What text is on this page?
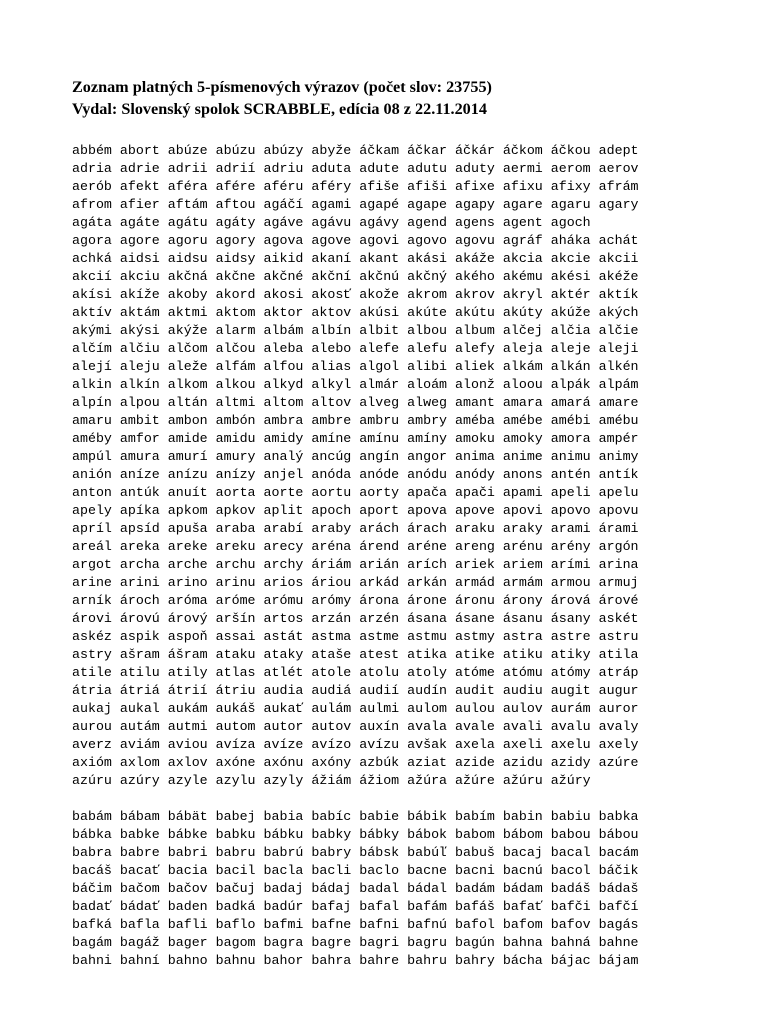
Zoznam platných 5-písmenových výrazov (počet slov: 23755)
Vydal: Slovenský spolok SCRABBLE, edícia 08 z 22.11.2014
abbém abort abúze abúzu abúzy abyže áčkam áčkar áčkár áčkom áčkou adept
adria adrie adrii adrií adriu aduta adute adutu aduty aermi aerom aerov
aerób afekt aféra afére aféru aféry afiše afiši afixe afixu afixy afrám
afrom afier aftám aftou agáčí agami agapé agape agapy agare agaru agary
agáta agáte agátu agáty agáve agávu agávy agend agens agent agoch
agora agore agoru agory agova agove agovi agovo agovu agráf aháka achát
achká aidsi aidsu aidsy aikid akaní akant akási akáže akcia akcie akcii
akcií akciu akčná akčne akčné akční akčnú akčný akého akému akési akéže
akísi akíže akoby akord akosi akosť akože akrom akrov akryl aktér aktík
aktív aktám aktmi aktom aktor aktov akúsi akúte akútu akúty akúže akých
akými akýsi akýže alarm albám albín albit albou album alčej alčia alčie
alčím alčiu alčom alčou aleba alebo alefe alefu alefy aleja aleje aleji
alejí aleju aleže alfám alfou alias algol alibi aliek alkám alkán alkén
alkin alkín alkom alkou alkyd alkyl almár aloám alonž aloou alpák alpám
alpín alpou altán altmi altom altov alveg alweg amant amara amará amare
amaru ambit ambon ambón ambra ambre ambru ambry améba amébe amébi amébu
améby amfor amide amidu amidy amíne amínu amíny amoku amoky amora ampér
ampúl amura amurí amury analý ancúg angín angor anima anime animu animy
anión aníze anízu anízy anjel anóda anóde anódu anódy anons antén antík
anton antúk anuít aorta aorte aortu aorty apača apači apami apeli apelu
apely apíka apkom apkov aplit apoch aport apova apove apovi apovo apovu
apríl apsíd apuša araba arabí araby arách árach araku araky arami árami
areál areka areke areku arecy aréna árend aréne areng arénu arény argón
argot archa arche archu archy áriám arián arích ariek ariem arími arina
arine arini arino arinu arios áriou arkád arkán armád armám armou armuj
arník ároch aróma aróme arómu arómy árona árone áronu árony árová árové
árovi árovú árový aršín artos arzán arzén ásana ásane ásanu ásany askét
askéz aspik aspoň assai astát astma astme astmu astmy astra astre astru
astry ašram ášram ataku ataky ataše atest atika atike atiku atiky atila
atile atilu atily atlas atlét atole atolu atoly atóme atómu atómy atráp
átria átriá átrií átriu audia audiá audií audín audit audiu augit augur
aukaj aukal aukám aukáš aukať aulám aulmi aulom aulou aulov aurám auror
aurou autám autmi autom autor autov auxín avala avale avali avalu avaly
averz aviám aviou avíza avíze avízo avízu avšak axela axeli axelu axely
axióm axlom axlov axóne axónu axóny azbúk aziat azide azidu azidy azúre
azúru azúry azyle azylu azyly ážiám ážiom ažúra ažúre ažúru ažúry
babám bábam bábät babej babia babíc babie bábik babím babin babiu babka
bábka babke bábke babku bábku babky bábky bábok babom bábom babou bábou
babra babre babri babru babrú babry bábsk babúľ babuš bacaj bacal bacám
bacáš bacať bacia bacil bacla bacli baclo bacne bacni bacnú bacol báčik
báčim bačom bačov bačuj badaj bádaj badal bádal badám bádam badáš bádaš
badať bádať baden badká badúr bafaj bafal bafám bafáš bafať bafči bafčí
bafká bafla bafli baflo bafmi bafne bafni bafnú bafol bafom bafov bagás
bagám bagáž bager bagom bagra bagre bagri bagru bagún bahna bahná bahne
bahni bahní bahno bahnu bahor bahra bahre bahru bahry bácha bájac bájam
